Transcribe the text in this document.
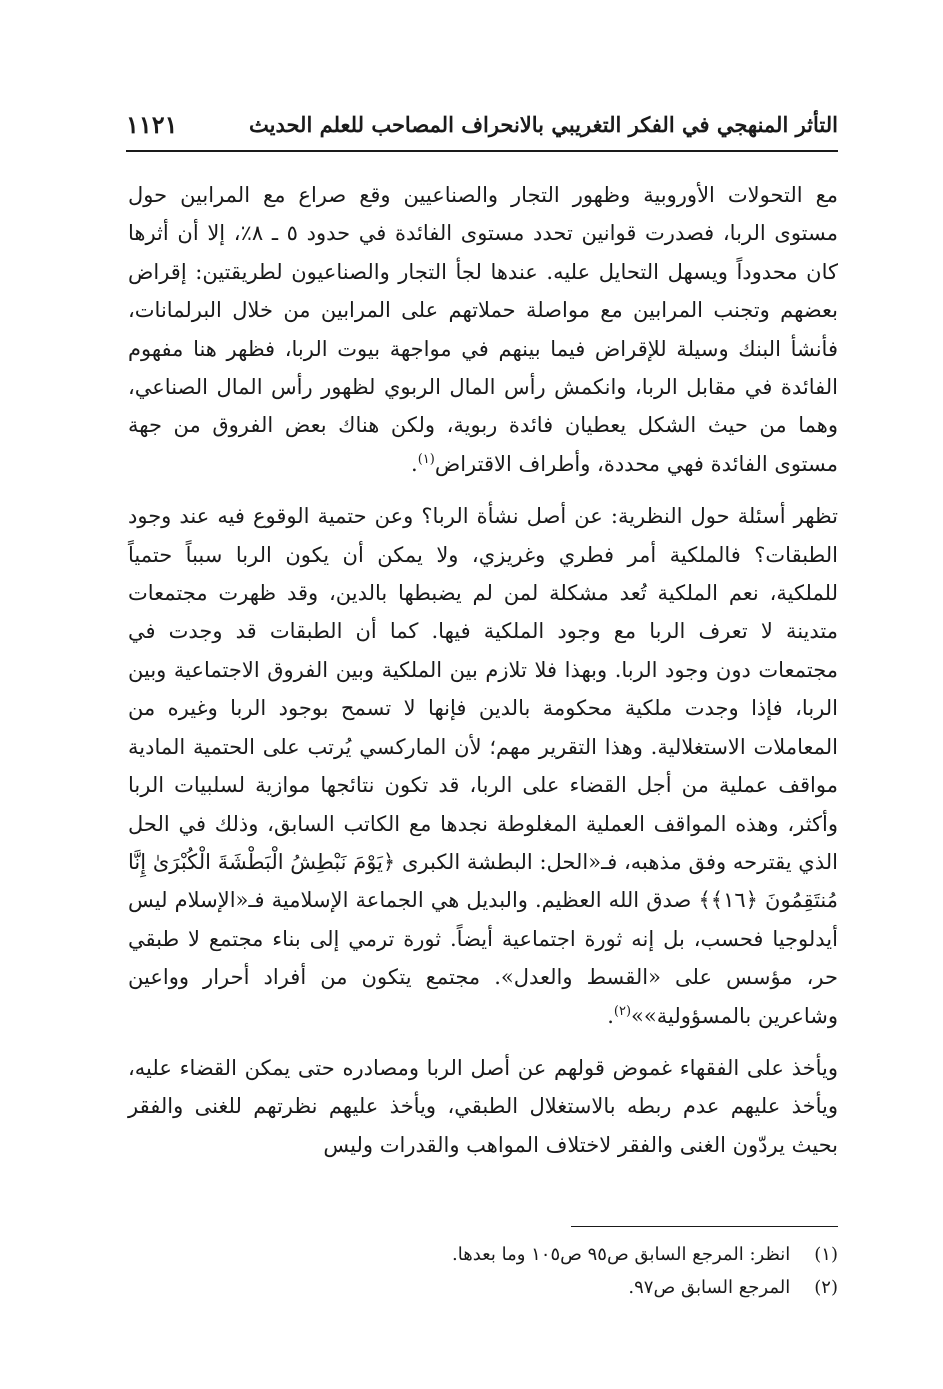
التأثر المنهجي في الفكر التغريبي بالانحراف المصاحب للعلم الحديث
١١٢١

مع التحولات الأوروبية وظهور التجار والصناعيين وقع صراع مع المرابين حول مستوى الربا، فصدرت قوانين تحدد مستوى الفائدة في حدود ٥ ـ ٨٪، إلا أن أثرها كان محدوداً ويسهل التحايل عليه. عندها لجأ التجار والصناعيون لطريقتين: إقراض بعضهم وتجنب المرابين مع مواصلة حملاتهم على المرابين من خلال البرلمانات، فأنشأ البنك وسيلة للإقراض فيما بينهم في مواجهة بيوت الربا، فظهر هنا مفهوم الفائدة في مقابل الربا، وانكمش رأس المال الربوي لظهور رأس المال الصناعي، وهما من حيث الشكل يعطيان فائدة ربوية، ولكن هناك بعض الفروق من جهة مستوى الفائدة فهي محددة، وأطراف الاقتراض$^{(١)}$.

تظهر أسئلة حول النظرية: عن أصل نشأة الربا؟ وعن حتمية الوقوع فيه عند وجود الطبقات؟ فالملكية أمر فطري وغريزي، ولا يمكن أن يكون الربا سبباً حتمياً للملكية، نعم الملكية تُعد مشكلة لمن لم يضبطها بالدين، وقد ظهرت مجتمعات متدينة لا تعرف الربا مع وجود الملكية فيها. كما أن الطبقات قد وجدت في مجتمعات دون وجود الربا. وبهذا فلا تلازم بين الملكية وبين الفروق الاجتماعية وبين الربا، فإذا وجدت ملكية محكومة بالدين فإنها لا تسمح بوجود الربا وغيره من المعاملات الاستغلالية. وهذا التقرير مهم؛ لأن الماركسي يُرتب على الحتمية المادية مواقف عملية من أجل القضاء على الربا، قد تكون نتائجها موازية لسلبيات الربا وأكثر، وهذه المواقف العملية المغلوطة نجدها مع الكاتب السابق، وذلك في الحل الذي يقترحه وفق مذهبه، فـ«الحل: البطشة الكبرى ﴿يَوْمَ نَبْطِشُ الْبَطْشَةَ الْكُبْرَىٰ إِنَّا مُنتَقِمُونَ ﴿١٦﴾﴾ صدق الله العظيم. والبديل هي الجماعة الإسلامية فـ«الإسلام ليس أيدلوجيا فحسب، بل إنه ثورة اجتماعية أيضاً. ثورة ترمي إلى بناء مجتمع لا طبقي حر، مؤسس على «القسط والعدل». مجتمع يتكون من أفراد أحرار وواعين وشاعرين بالمسؤولية»»$^{(٢)}$.

ويأخذ على الفقهاء غموض قولهم عن أصل الربا ومصادره حتى يمكن القضاء عليه، ويأخذ عليهم عدم ربطه بالاستغلال الطبقي، ويأخذ عليهم نظرتهم للغنى والفقر بحيث يردّون الغنى والفقر لاختلاف المواهب والقدرات وليس

(١) انظر: المرجع السابق ص٩٥ ص١٠٥ وما بعدها.
(٢) المرجع السابق ص٩٧.
